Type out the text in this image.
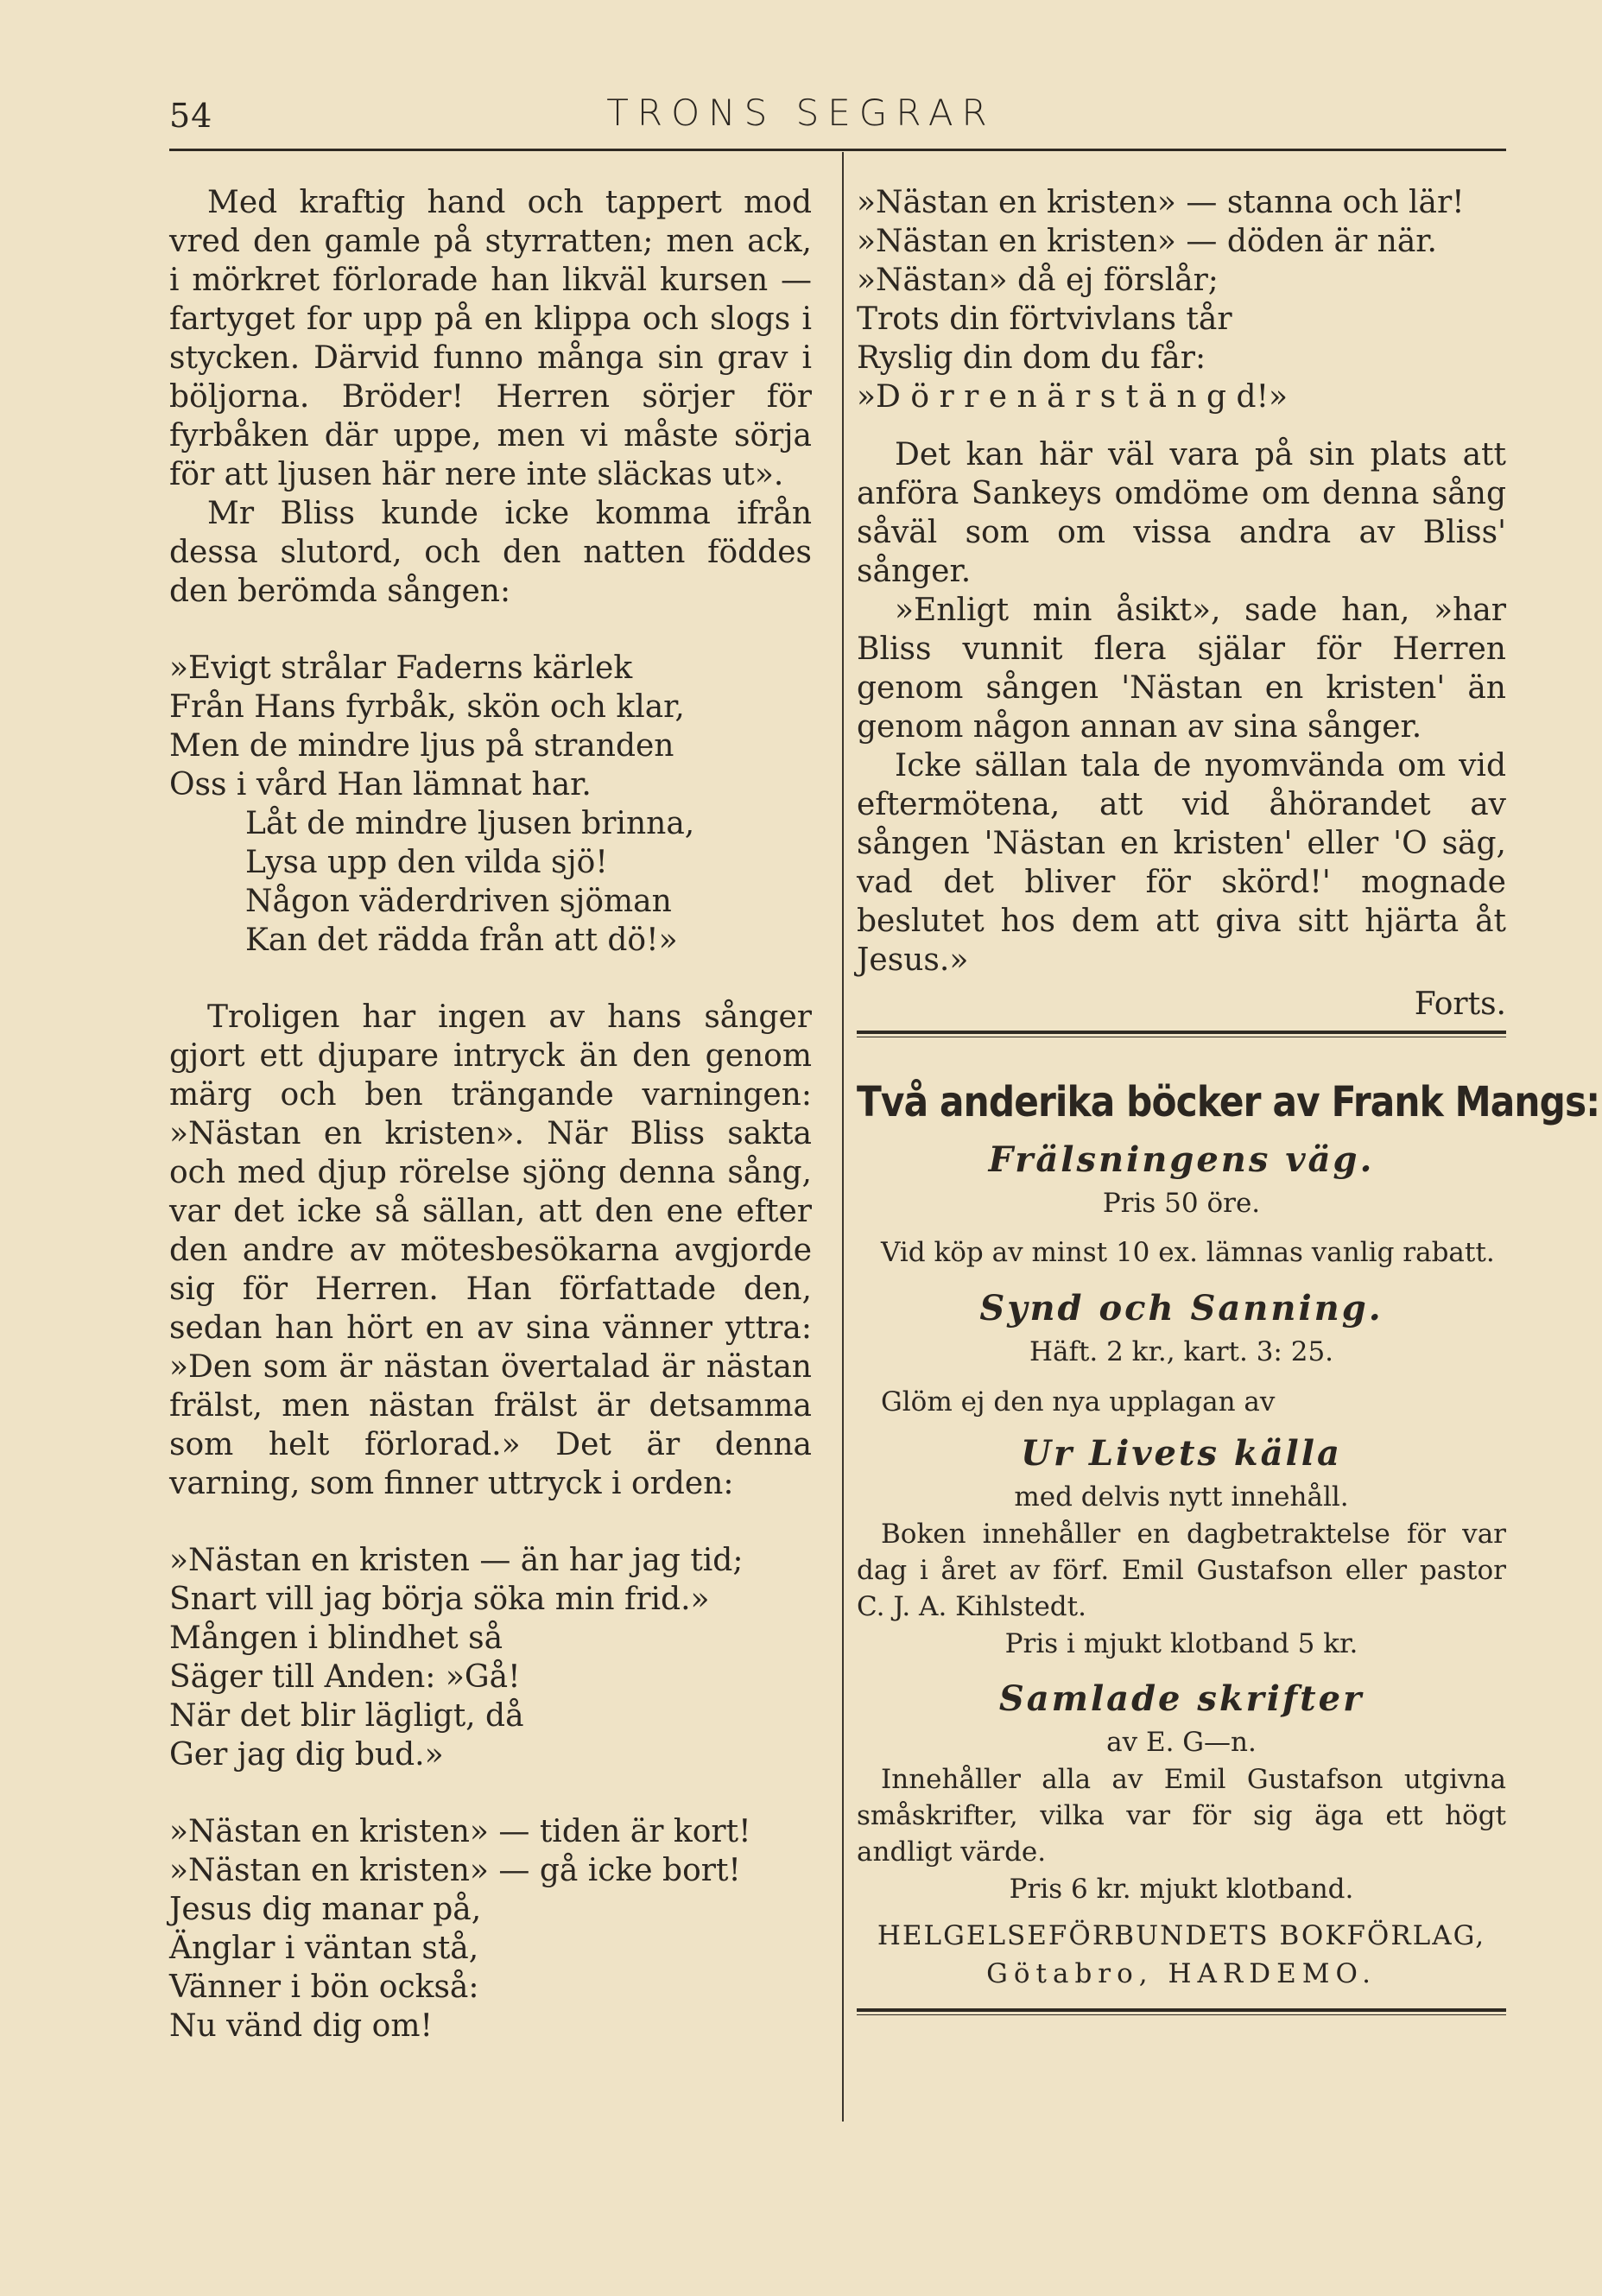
54	TRONS SEGRAR

Med kraftig hand och tappert mod vred den gamle på styrratten; men ack, i mörkret förlorade han likväl kursen — fartyget for upp på en klippa och slogs i stycken. Därvid funno många sin grav i böljorna. Bröder! Herren sörjer för fyrbåken där uppe, men vi måste sörja för att ljusen här nere inte släckas ut».

Mr Bliss kunde icke komma ifrån dessa slutord, och den natten föddes den berömda sången:

»Evigt strålar Faderns kärlek
Från Hans fyrbåk, skön och klar,
Men de mindre ljus på stranden
Oss i vård Han lämnat har.
Låt de mindre ljusen brinna,
Lysa upp den vilda sjö!
Någon väderdriven sjöman
Kan det rädda från att dö!»

Troligen har ingen av hans sånger gjort ett djupare intryck än den genom märg och ben trängande varningen: »Nästan en kristen». När Bliss sakta och med djup rörelse sjöng denna sång, var det icke så sällan, att den ene efter den andre av mötesbesökarna avgjorde sig för Herren. Han författade den, sedan han hört en av sina vänner yttra: »Den som är nästan övertalad är nästan frälst, men nästan frälst är detsamma som helt förlorad.» Det är denna varning, som finner uttryck i orden:

»Nästan en kristen — än har jag tid;
Snart vill jag börja söka min frid.»
Mången i blindhet så
Säger till Anden: »Gå!
När det blir lägligt, då
Ger jag dig bud.»
»Nästan en kristen» — tiden är kort!
»Nästan en kristen» — gå icke bort!
Jesus dig manar på,
Änglar i väntan stå,
Vänner i bön också:
Nu vänd dig om!
»Nästan en kristen» — stanna och lär!
»Nästan en kristen» — döden är när.
»Nästan» då ej förslår;
Trots din förtvivlans tår
Ryslig din dom du får:
»D ö r r e n ä r s t ä n g d!»

Det kan här väl vara på sin plats att anföra Sankeys omdöme om denna sång såväl som om vissa andra av Bliss' sånger.

»Enligt min åsikt», sade han, »har Bliss vunnit flera själar för Herren genom sången 'Nästan en kristen' än genom någon annan av sina sånger.

Icke sällan tala de nyomvända om vid eftermötena, att vid åhörandet av sången 'Nästan en kristen' eller 'O säg, vad det bliver för skörd!' mognade beslutet hos dem att giva sitt hjärta åt Jesus.»

Forts.

Två anderika böcker av Frank Mangs:
Frälsningens väg.
Pris 50 öre.
Vid köp av minst 10 ex. lämnas vanlig rabatt.
Synd och Sanning.
Häft. 2 kr., kart. 3: 25.
Glöm ej den nya upplagan av
Ur Livets källa
med delvis nytt innehåll.
Boken innehåller en dagbetraktelse för var dag i året av förf. Emil Gustafson eller pastor C. J. A. Kihlstedt.
Pris i mjukt klotband 5 kr.
Samlade skrifter
av E. G—n.
Innehåller alla av Emil Gustafson utgivna småskrifter, vilka var för sig äga ett högt andligt värde.
Pris 6 kr. mjukt klotband.
HELGELSEFÖRBUNDETS BOKFÖRLAG,
Götabro, HARDEMO.
